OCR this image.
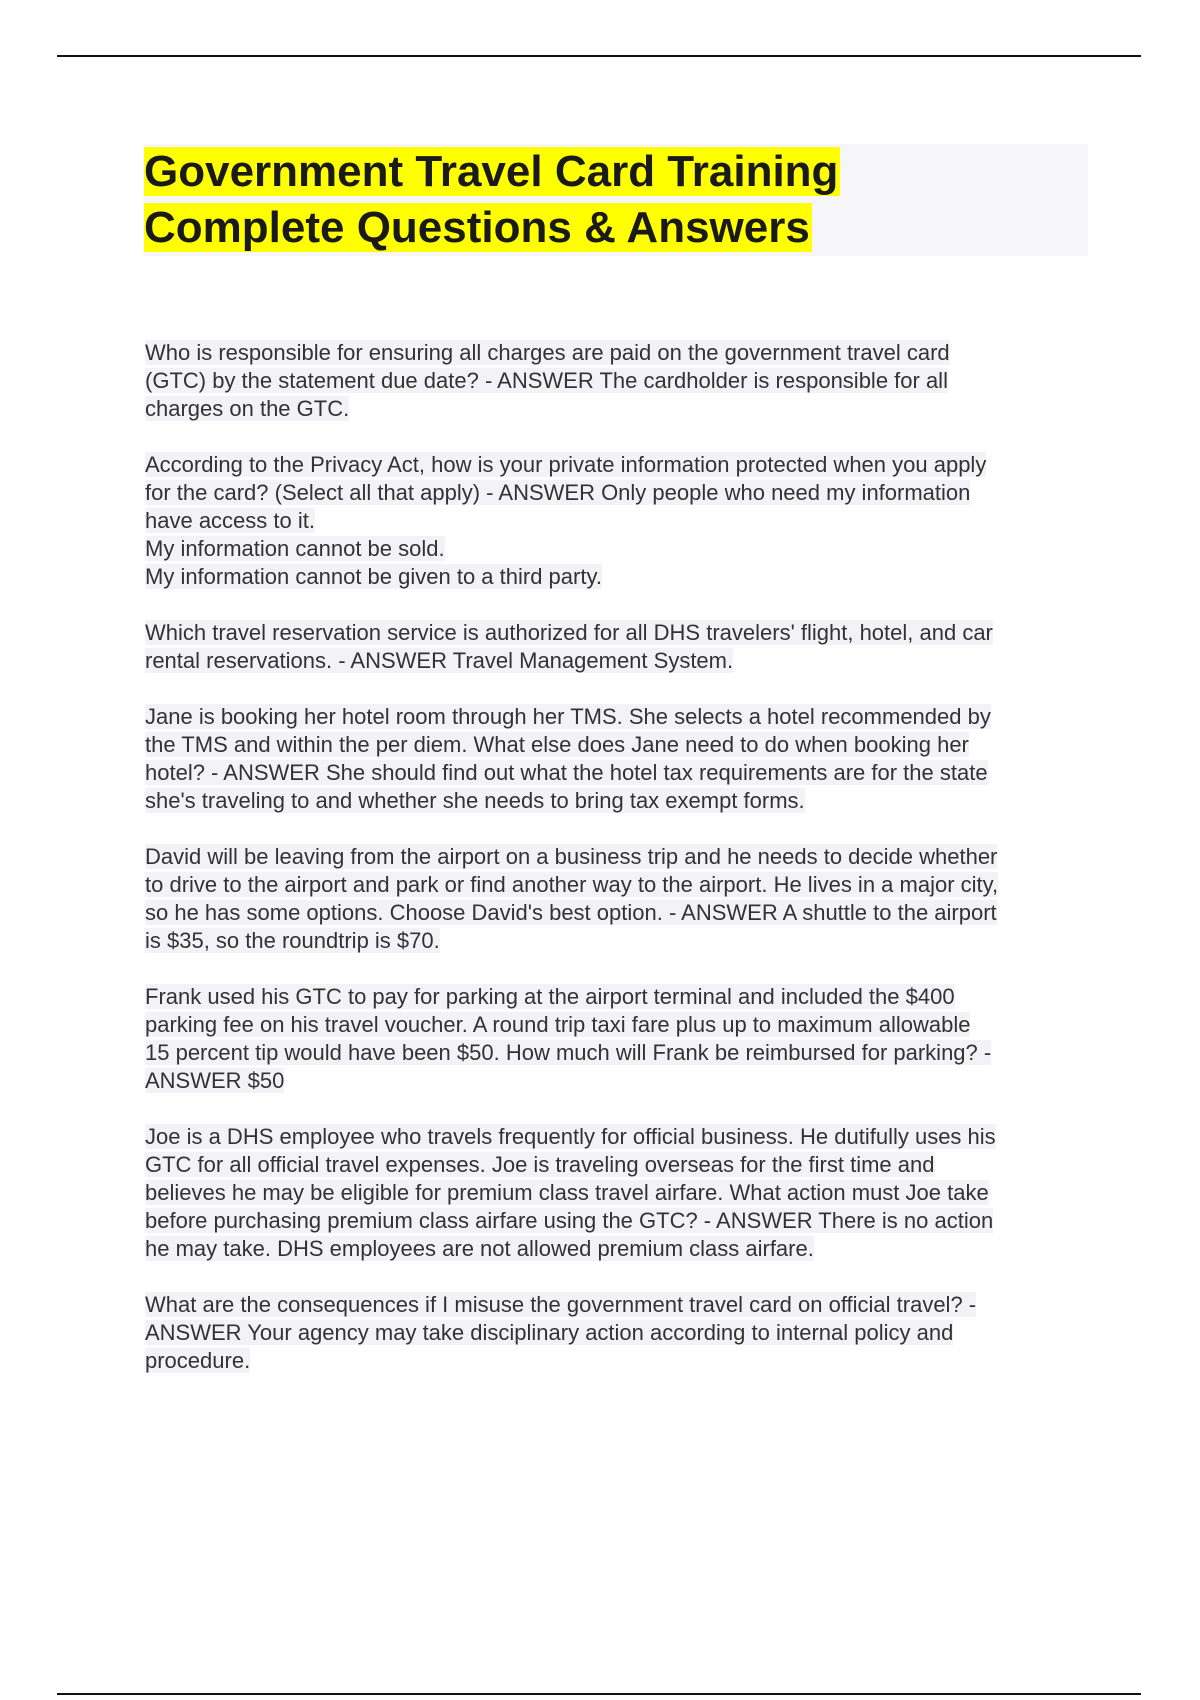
Government Travel Card Training
Complete Questions & Answers

Who is responsible for ensuring all charges are paid on the government travel card
(GTC) by the statement due date? - ANSWER The cardholder is responsible for all
charges on the GTC.

According to the Privacy Act, how is your private information protected when you apply
for the card? (Select all that apply) - ANSWER Only people who need my information
have access to it.
My information cannot be sold.
My information cannot be given to a third party.

Which travel reservation service is authorized for all DHS travelers' flight, hotel, and car
rental reservations. - ANSWER Travel Management System.

Jane is booking her hotel room through her TMS. She selects a hotel recommended by
the TMS and within the per diem. What else does Jane need to do when booking her
hotel? - ANSWER She should find out what the hotel tax requirements are for the state
she's traveling to and whether she needs to bring tax exempt forms.

David will be leaving from the airport on a business trip and he needs to decide whether
to drive to the airport and park or find another way to the airport. He lives in a major city,
so he has some options. Choose David's best option. - ANSWER A shuttle to the airport
is $35, so the roundtrip is $70.

Frank used his GTC to pay for parking at the airport terminal and included the $400
parking fee on his travel voucher. A round trip taxi fare plus up to maximum allowable
15 percent tip would have been $50. How much will Frank be reimbursed for parking? -
ANSWER $50

Joe is a DHS employee who travels frequently for official business. He dutifully uses his
GTC for all official travel expenses. Joe is traveling overseas for the first time and
believes he may be eligible for premium class travel airfare. What action must Joe take
before purchasing premium class airfare using the GTC? - ANSWER There is no action
he may take. DHS employees are not allowed premium class airfare.

What are the consequences if I misuse the government travel card on official travel? -
ANSWER Your agency may take disciplinary action according to internal policy and
procedure.
